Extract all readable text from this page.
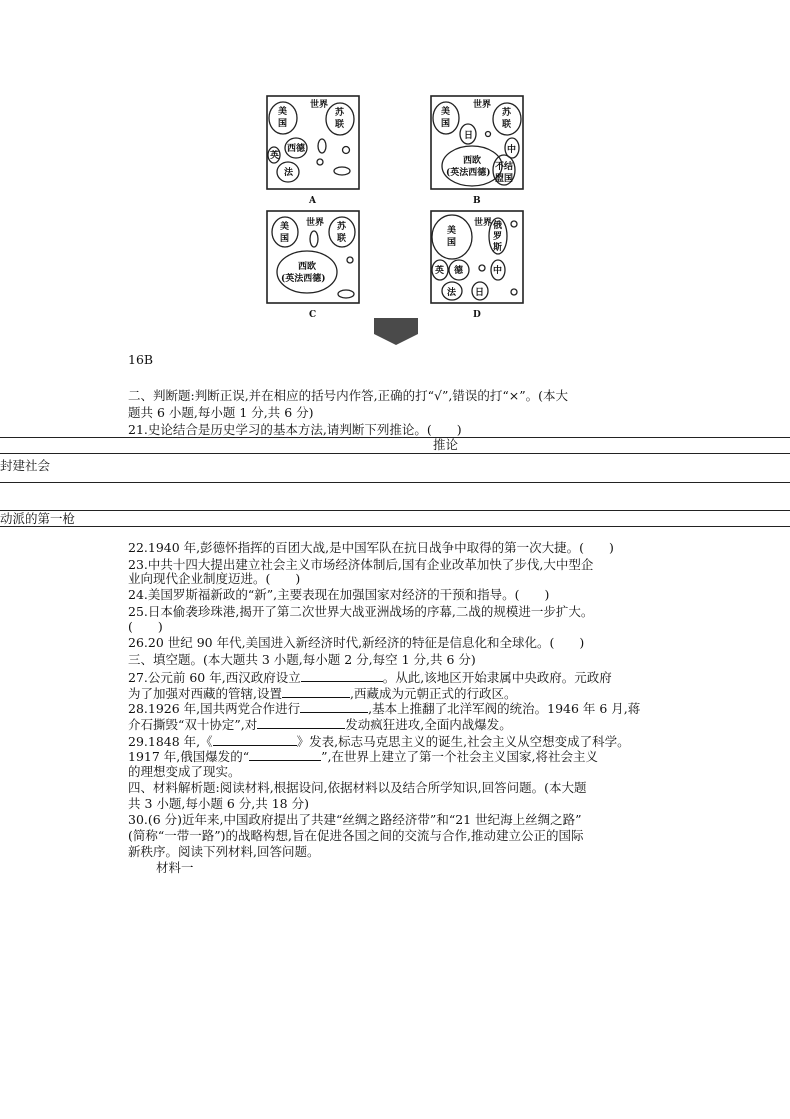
世界
美
国
苏
联
西德
英
法
A
世界
美
国
日
苏
联
中
西欧
(英法西德)
不结
盟国
B
世界
美
国
苏
联
西欧
(英法西德)
C
世界
美
国
俄
罗
斯
英 德
法 日
中
D
16B
二、判断题:判断正误,并在相应的括号内作答,正确的打“√”,错误的打“×”。(本大
题共 6 小题,每小题 1 分,共 6 分)
21.史论结合是历史学习的基本方法,请判断下列推论。(　　)
推论
封建社会
动派的第一枪
22.1940 年,彭德怀指挥的百团大战,是中国军队在抗日战争中取得的第一次大捷。(　　)
23.中共十四大提出建立社会主义市场经济体制后,国有企业改革加快了步伐,大中型企
业向现代企业制度迈进。(　　)
24.美国罗斯福新政的“新”,主要表现在加强国家对经济的干预和指导。(　　)
25.日本偷袭珍珠港,揭开了第二次世界大战亚洲战场的序幕,二战的规模进一步扩大。
(　　)
26.20 世纪 90 年代,美国进入新经济时代,新经济的特征是信息化和全球化。(　　)
三、填空题。(本大题共 3 小题,每小题 2 分,每空 1 分,共 6 分)
27.公元前 60 年,西汉政府设立	。从此,该地区开始隶属中央政府。元政府
为了加强对西藏的管辖,设置	,西藏成为元朝正式的行政区。
28.1926 年,国共两党合作进行	,基本上推翻了北洋军阀的统治。1946 年 6 月,蒋
介石撕毁“双十协定”,对	发动疯狂进攻,全面内战爆发。
29.1848 年,《	》发表,标志马克思主义的诞生,社会主义从空想变成了科学。
1917 年,俄国爆发的“	”,在世界上建立了第一个社会主义国家,将社会主义
的理想变成了现实。
四、材料解析题:阅读材料,根据设问,依据材料以及结合所学知识,回答问题。(本大题
共 3 小题,每小题 6 分,共 18 分)
30.(6 分)近年来,中国政府提出了共建“丝绸之路经济带”和“21 世纪海上丝绸之路”
(简称“一带一路”)的战略构想,旨在促进各国之间的交流与合作,推动建立公正的国际
新秩序。阅读下列材料,回答问题。
材料一
